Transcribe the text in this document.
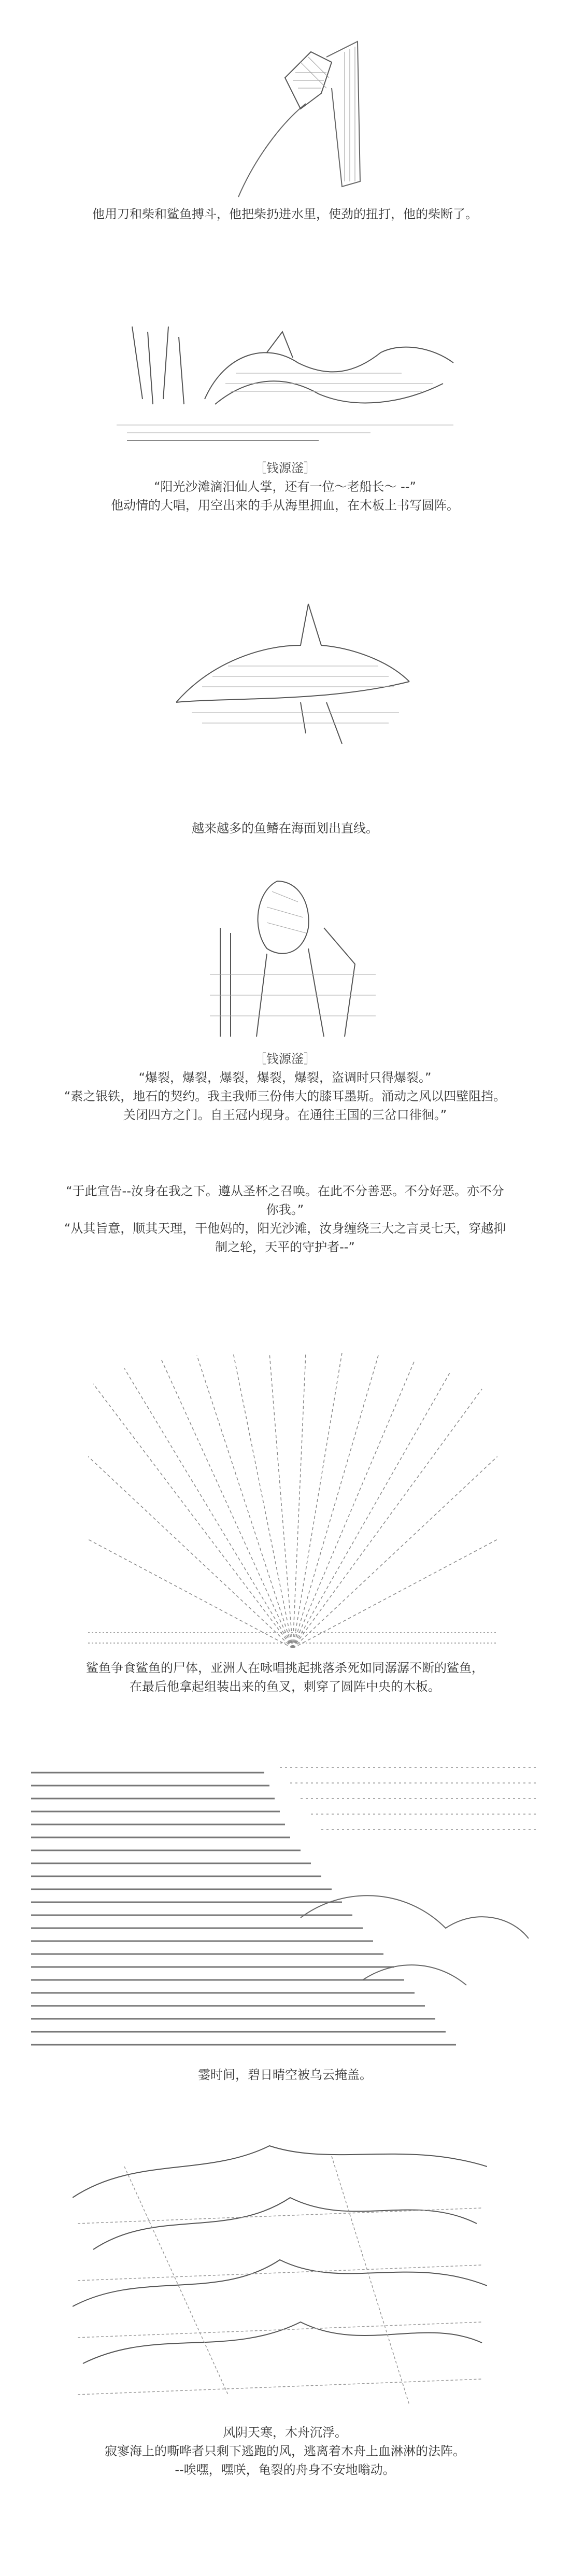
他用刀和柴和鲨鱼搏斗，他把柴扔进水里，使劲的扭打，他的柴断了。

［钱源滏］

“阳光沙滩滴汨仙人掌，还有一位～老船长～ --”

他动情的大唱，用空出来的手从海里拥血，在木板上书写圆阵。

越来越多的鱼鳍在海面划出直线。

［钱源滏］

“爆裂，爆裂，爆裂，爆裂，爆裂，盗调时只得爆裂。”

“素之银铁，地石的契约。我主我师三份伟大的膝耳墨斯。涌动之风以四壁阻挡。

关闭四方之门。自王冠内现身。在通往王国的三岔口徘徊。”

“于此宣告--汝身在我之下。遵从圣杯之召唤。在此不分善恶。不分好恶。亦不分

你我。”

“从其旨意，顺其天理，干他妈的，阳光沙滩，汝身缠绕三大之言灵七天，穿越抑

制之轮，天平的守护者--”

鲨鱼争食鲨鱼的尸体，亚洲人在咏唱挑起挑落杀死如同潺潺不断的鲨鱼，

在最后他拿起组装出来的鱼叉，刺穿了圆阵中央的木板。

霎时间，碧日晴空被乌云掩盖。

风阴天寒，木舟沉浮。

寂寥海上的嘶哗者只剩下逃跑的风，逃离着木舟上血淋淋的法阵。

--唉嘿，嘿咲，龟裂的舟身不安地嗡动。
